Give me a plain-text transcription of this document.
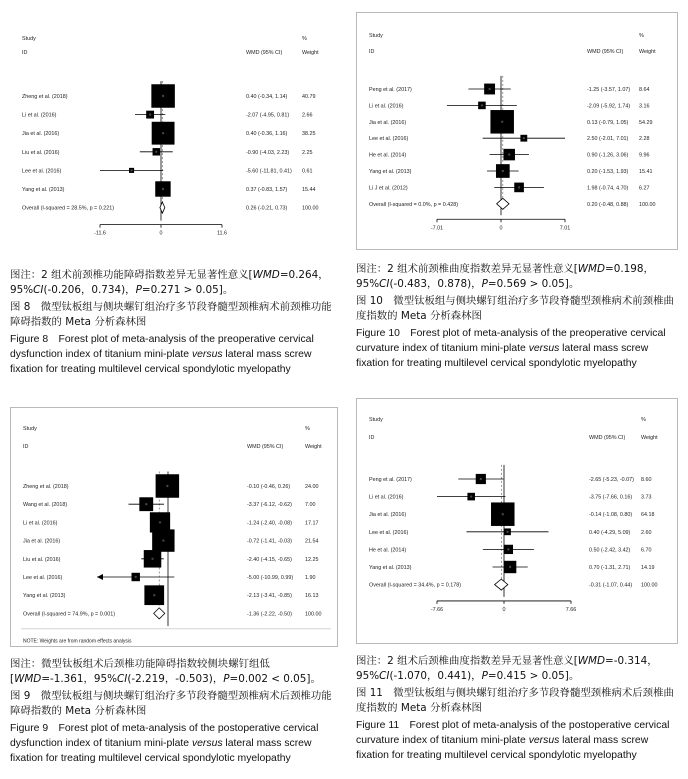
Study	%
ID	WMD (95% CI)	Weight
Zheng et al. (2018)	0.40 (-0.34, 1.14)	40.79
Li et al. (2016)	-2.07 (-4.95, 0.81) 2.66
Jia et al. (2016)	0.40 (-0.36, 1.16)	38.25
Liu et al. (2016)	-0.90 (-4.03, 2.23) 2.25
Lee et al. (2016)	-5.60 (-11.81, 0.41) 0.61
Yang et al. (2013)	0.37 (-0.83, 1.57)	15.44
Overall (I-squared = 28.5%, p = 0.221)	0.26 (-0.21, 0.73)	100.00
-11.6	0	11.6

图注：2 组术前颈椎功能障碍指数差异无显著性意义[WMD=0.264，95%CI(-0.206，0.734)，P=0.271 > 0.05]。

图 8　微型钛板组与侧块螺钉组治疗多节段脊髓型颈椎病术前颈椎功能障碍指数的 Meta 分析森林图

Figure 8　Forest plot of meta-analysis of the preoperative cervical dysfunction index of titanium mini-plate versus lateral mass screw fixation for treating multilevel cervical spondylotic myelopathy

Study	%
ID	WMD (95% CI)	Weight
Peng et al. (2017)	-1.25 (-3.57, 1.07) 8.64
Li et al. (2016)	-2.09 (-5.92, 1.74) 3.16
Jia et al. (2016)	0.13 (-0.79, 1.05) 54.29
Lee et al. (2016)	2.50 (-2.01, 7.01) 2.28
He et al. (2014)	0.90 (-1.26, 3.06) 9.96
Yang et al. (2013)	0.20 (-1.53, 1.93) 15.41
Li J et al. (2012)	1.98 (-0.74, 4.70) 6.27
Overall (I-squared = 0.0%, p = 0.428)	0.20 (-0.48, 0.88) 100.00
-7.01	0	7.01

图注：2 组术前颈椎曲度指数差异无显著性意义[WMD=0.198，95%CI(-0.483，0.878)，P=0.569 > 0.05]。

图 10　微型钛板组与侧块螺钉组治疗多节段脊髓型颈椎病术前颈椎曲度指数的 Meta 分析森林图

Figure 10　Forest plot of meta-analysis of the preoperative cervical curvature index of titanium mini-plate versus lateral mass screw fixation for treating multilevel cervical spondylotic myelopathy

Study	%
ID	WMD (95% CI)	Weight
Zheng et al. (2018)	-0.10 (-0.46, 0.26)	24.00
Wang et al. (2018)	-3.37 (-6.12, -0.62) 7.00
Li et al. (2016)	-1.24 (-2.40, -0.08) 17.17
Jia et al. (2016)	-0.72 (-1.41, -0.03) 21.54
Liu et al. (2016)	-2.40 (-4.15, -0.65) 12.25
Lee et al. (2016)	-5.00 (-10.99, 0.99) 1.90
Yang et al. (2013)	-2.13 (-3.41, -0.85) 16.13
Overall (I-squared = 74.9%, p = 0.001)	-1.36 (-2.22, -0.50) 100.00
NOTE: Weights are from random effects analysis

图注：微型钛板组术后颈椎功能障碍指数较侧块螺钉组低[WMD=-1.361，95%CI(-2.219，-0.503)，P=0.002 < 0.05]。

图 9　微型钛板组与侧块螺钉组治疗多节段脊髓型颈椎病术后颈椎功能障碍指数的 Meta 分析森林图

Figure 9　Forest plot of meta-analysis of the postoperative cervical dysfunction index of titanium mini-plate versus lateral mass screw fixation for treating multilevel cervical spondylotic myelopathy

Study	%
ID	WMD (95% CI)	Weight
Peng et al. (2017)	-2.65 (-5.23, -0.07) 8.60
Li et al. (2016)	-3.75 (-7.66, 0.16) 3.73
Jia et al. (2016)	-0.14 (-1.08, 0.80) 64.18
Lee et al. (2016)	0.40 (-4.29, 5.09) 2.60
He et al. (2014)	0.50 (-2.42, 3.42) 6.70
Yang et al. (2013)	0.70 (-1.31, 2.71) 14.19
Overall (I-squared = 34.4%, p = 0.178)	-0.31 (-1.07, 0.44) 100.00
-7.66	0	7.66

图注：2 组术后颈椎曲度指数差异无显著性意义[WMD=-0.314，95%CI(-1.070，0.441)，P=0.415 > 0.05]。

图 11　微型钛板组与侧块螺钉组治疗多节段脊髓型颈椎病术后颈椎曲度指数的 Meta 分析森林图

Figure 11　Forest plot of meta-analysis of the postoperative cervical curvature index of titanium mini-plate versus lateral mass screw fixation for treating multilevel cervical spondylotic myelopathy
